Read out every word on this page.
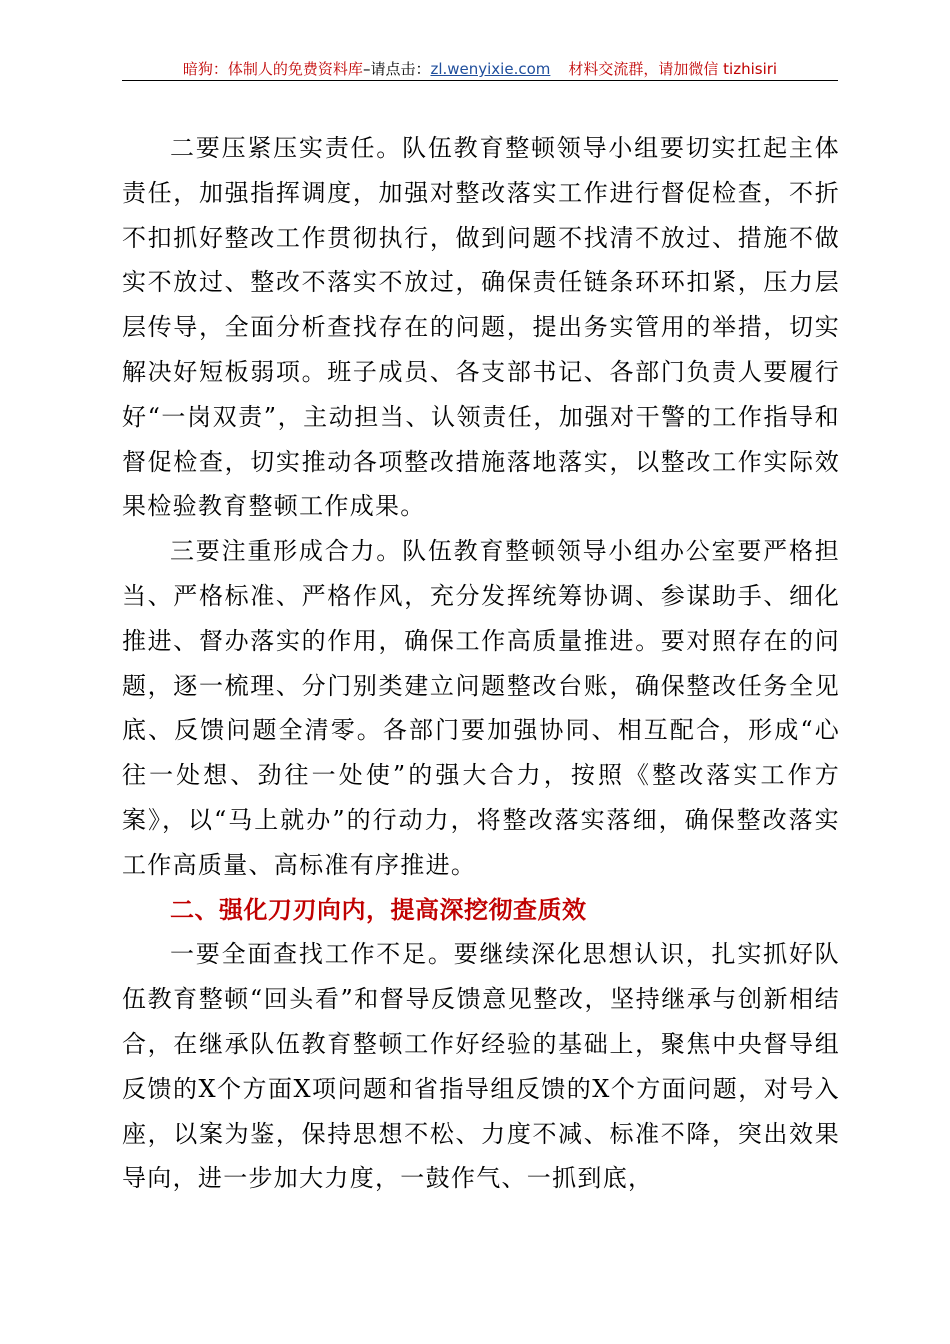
暗狗：体制人的免费资料库–请点击：zl.wenyixie.com 材料交流群，请加微信 tizhisiri

二要压紧压实责任。队伍教育整顿领导小组要切实扛起主体责任，加强指挥调度，加强对整改落实工作进行督促检查，不折不扣抓好整改工作贯彻执行，做到问题不找清不放过、措施不做实不放过、整改不落实不放过，确保责任链条环环扣紧，压力层层传导，全面分析查找存在的问题，提出务实管用的举措，切实解决好短板弱项。班子成员、各支部书记、各部门负责人要履行好“一岗双责”，主动担当、认领责任，加强对干警的工作指导和督促检查，切实推动各项整改措施落地落实，以整改工作实际效果检验教育整顿工作成果。

三要注重形成合力。队伍教育整顿领导小组办公室要严格担当、严格标准、严格作风，充分发挥统筹协调、参谋助手、细化推进、督办落实的作用，确保工作高质量推进。要对照存在的问题，逐一梳理、分门别类建立问题整改台账，确保整改任务全见底、反馈问题全清零。各部门要加强协同、相互配合，形成“心往一处想、劲往一处使”的强大合力，按照《整改落实工作方案》，以“马上就办”的行动力，将整改落实落细，确保整改落实工作高质量、高标准有序推进。

二、强化刀刃向内，提高深挖彻查质效

一要全面查找工作不足。要继续深化思想认识，扎实抓好队伍教育整顿“回头看”和督导反馈意见整改，坚持继承与创新相结合，在继承队伍教育整顿工作好经验的基础上，聚焦中央督导组反馈的X个方面X项问题和省指导组反馈的X个方面问题，对号入座，以案为鉴，保持思想不松、力度不减、标准不降，突出效果导向，进一步加大力度，一鼓作气、一抓到底，
